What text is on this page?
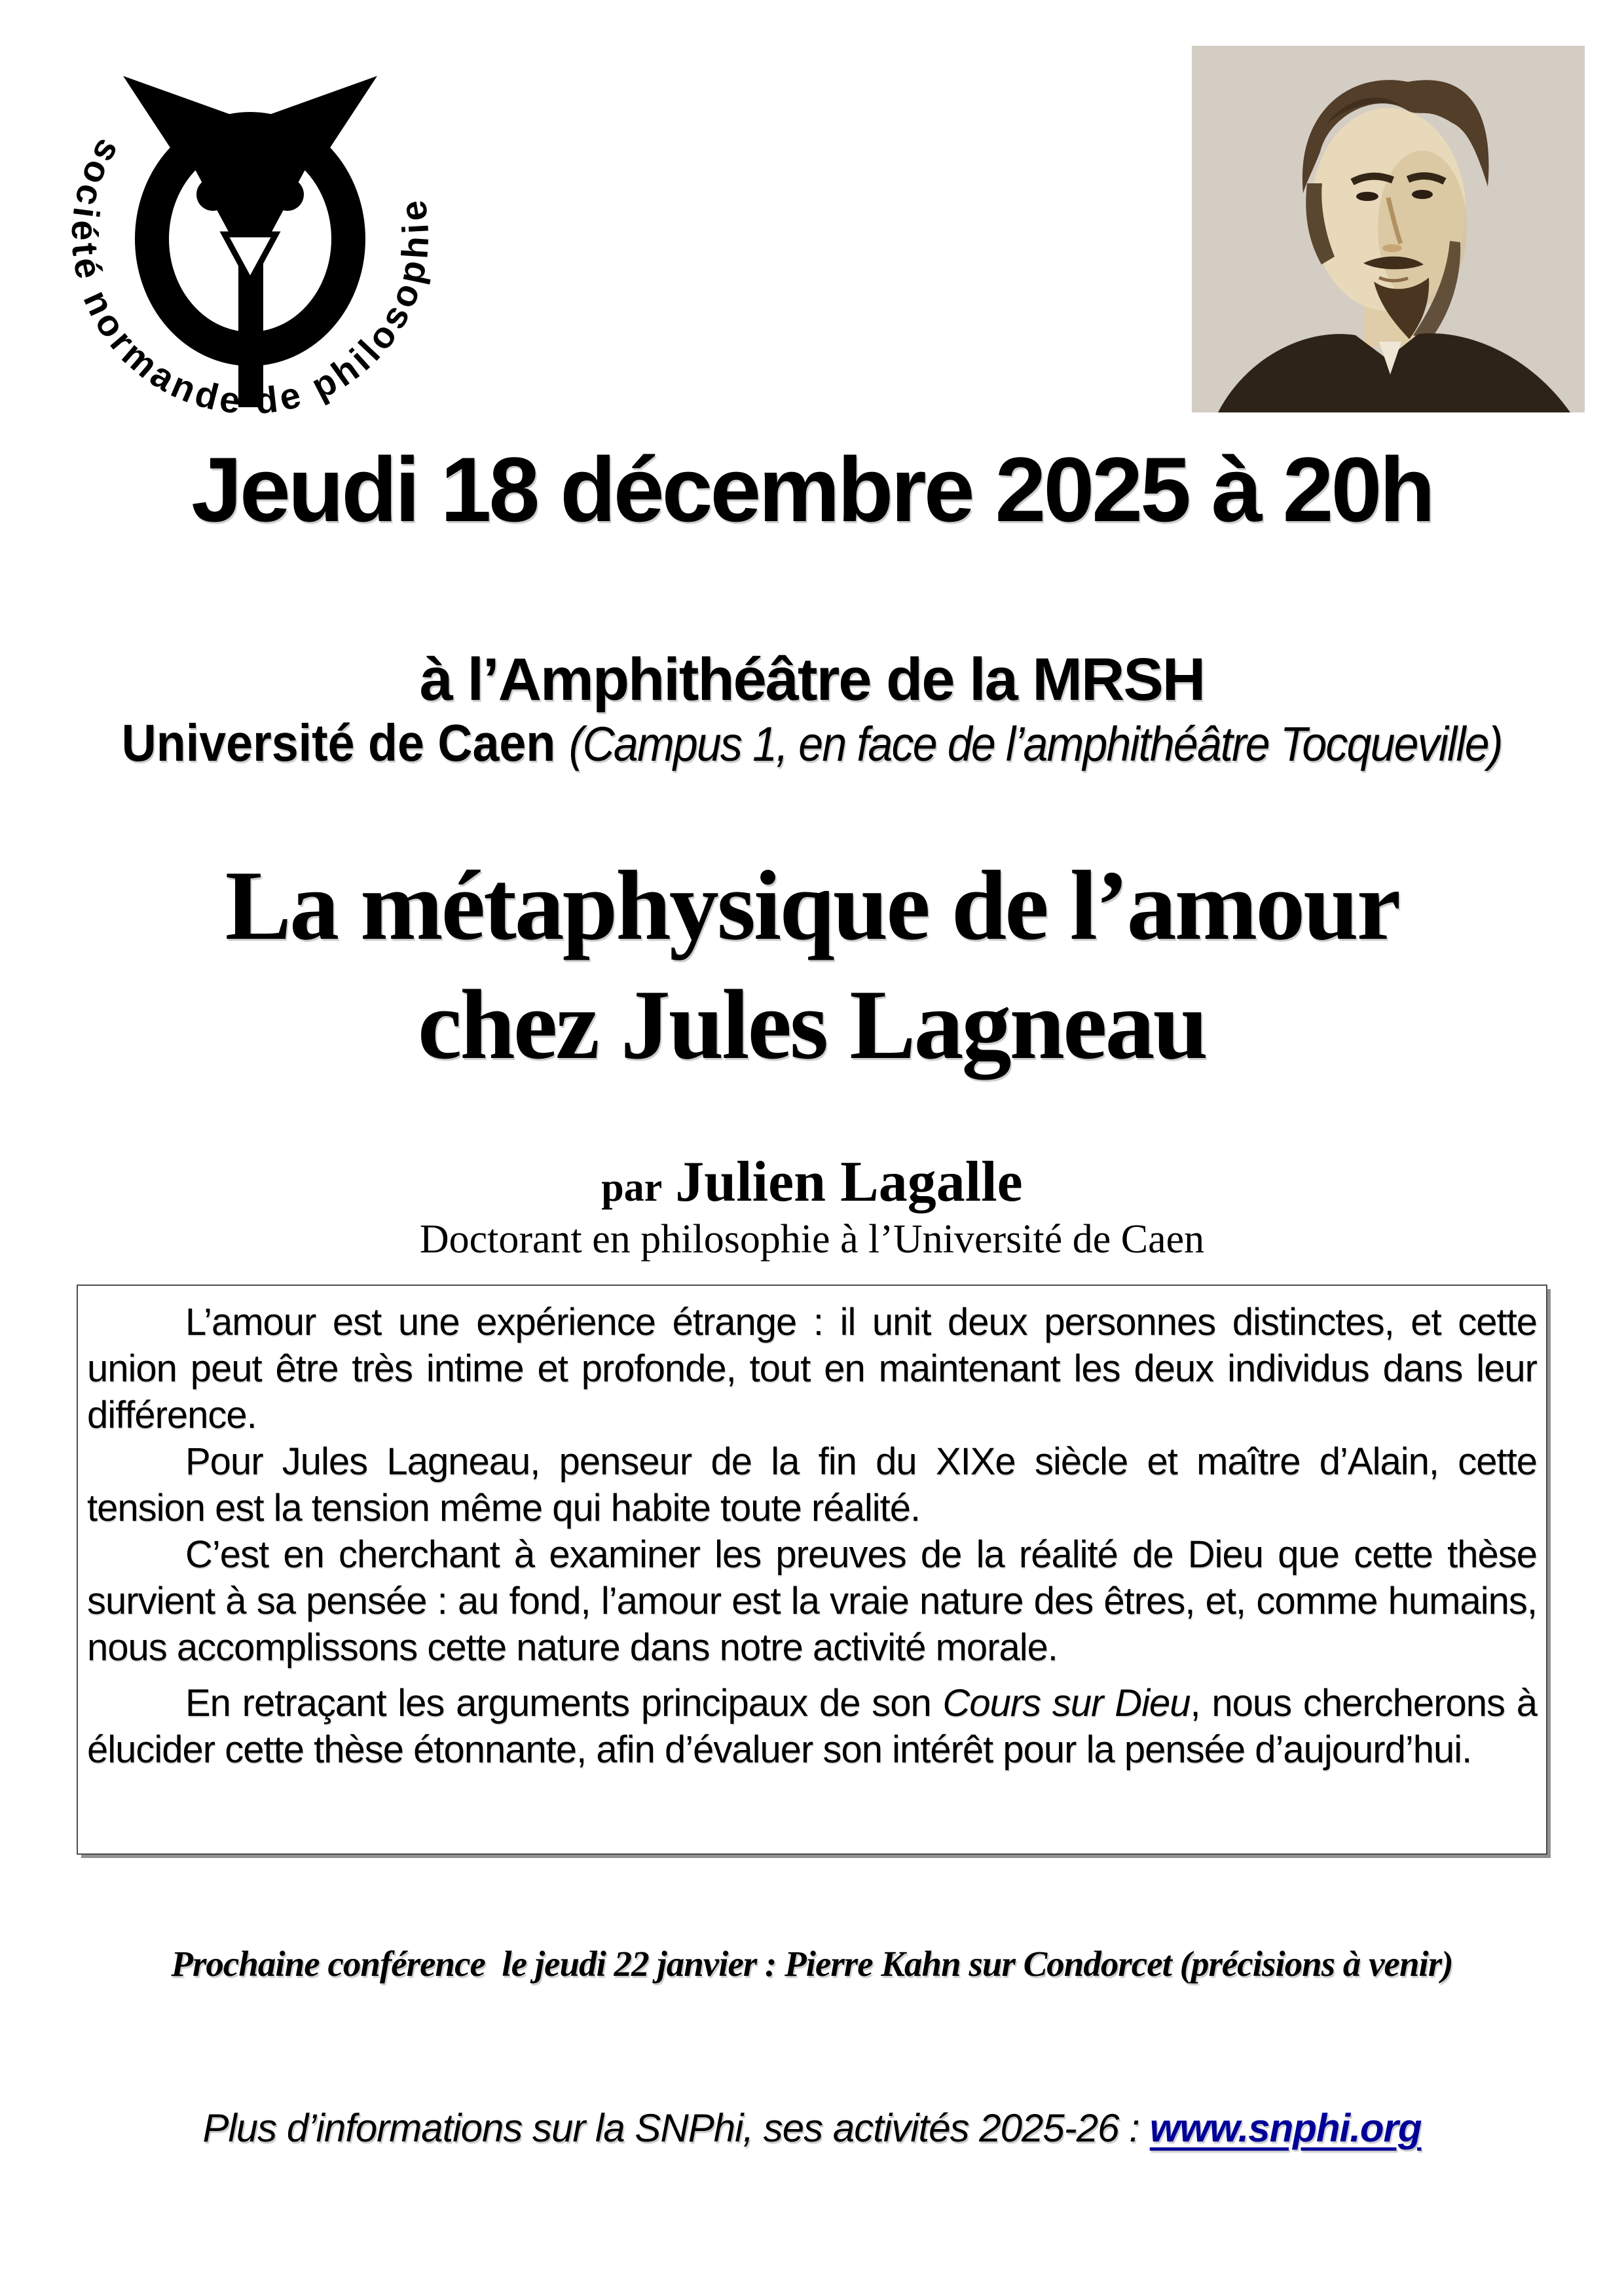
société normande de philosophie
Jeudi 18 décembre 2025 à 20h
à l’Amphithéâtre de la MRSH
Université de Caen (Campus 1, en face de l’amphithéâtre Tocqueville)
La métaphysique de l’amour
chez Jules Lagneau
par Julien Lagalle
Doctorant en philosophie à l’Université de Caen

L’amour est une expérience étrange : il unit deux personnes distinctes, et cette union peut être très intime et profonde, tout en maintenant les deux individus dans leur différence.

Pour Jules Lagneau, penseur de la fin du XIXe siècle et maître d’Alain, cette tension est la tension même qui habite toute réalité.

C’est en cherchant à examiner les preuves de la réalité de Dieu que cette thèse survient à sa pensée : au fond, l’amour est la vraie nature des êtres, et, comme humains, nous accomplissons cette nature dans notre activité morale.

En retraçant les arguments principaux de son Cours sur Dieu, nous chercherons à élucider cette thèse étonnante, afin d’évaluer son intérêt pour la pensée d’aujourd’hui.

Prochaine conférence  le jeudi 22 janvier : Pierre Kahn sur Condorcet (précisions à venir)
Plus d’informations sur la SNPhi, ses activités 2025-26 : www.snphi.org
